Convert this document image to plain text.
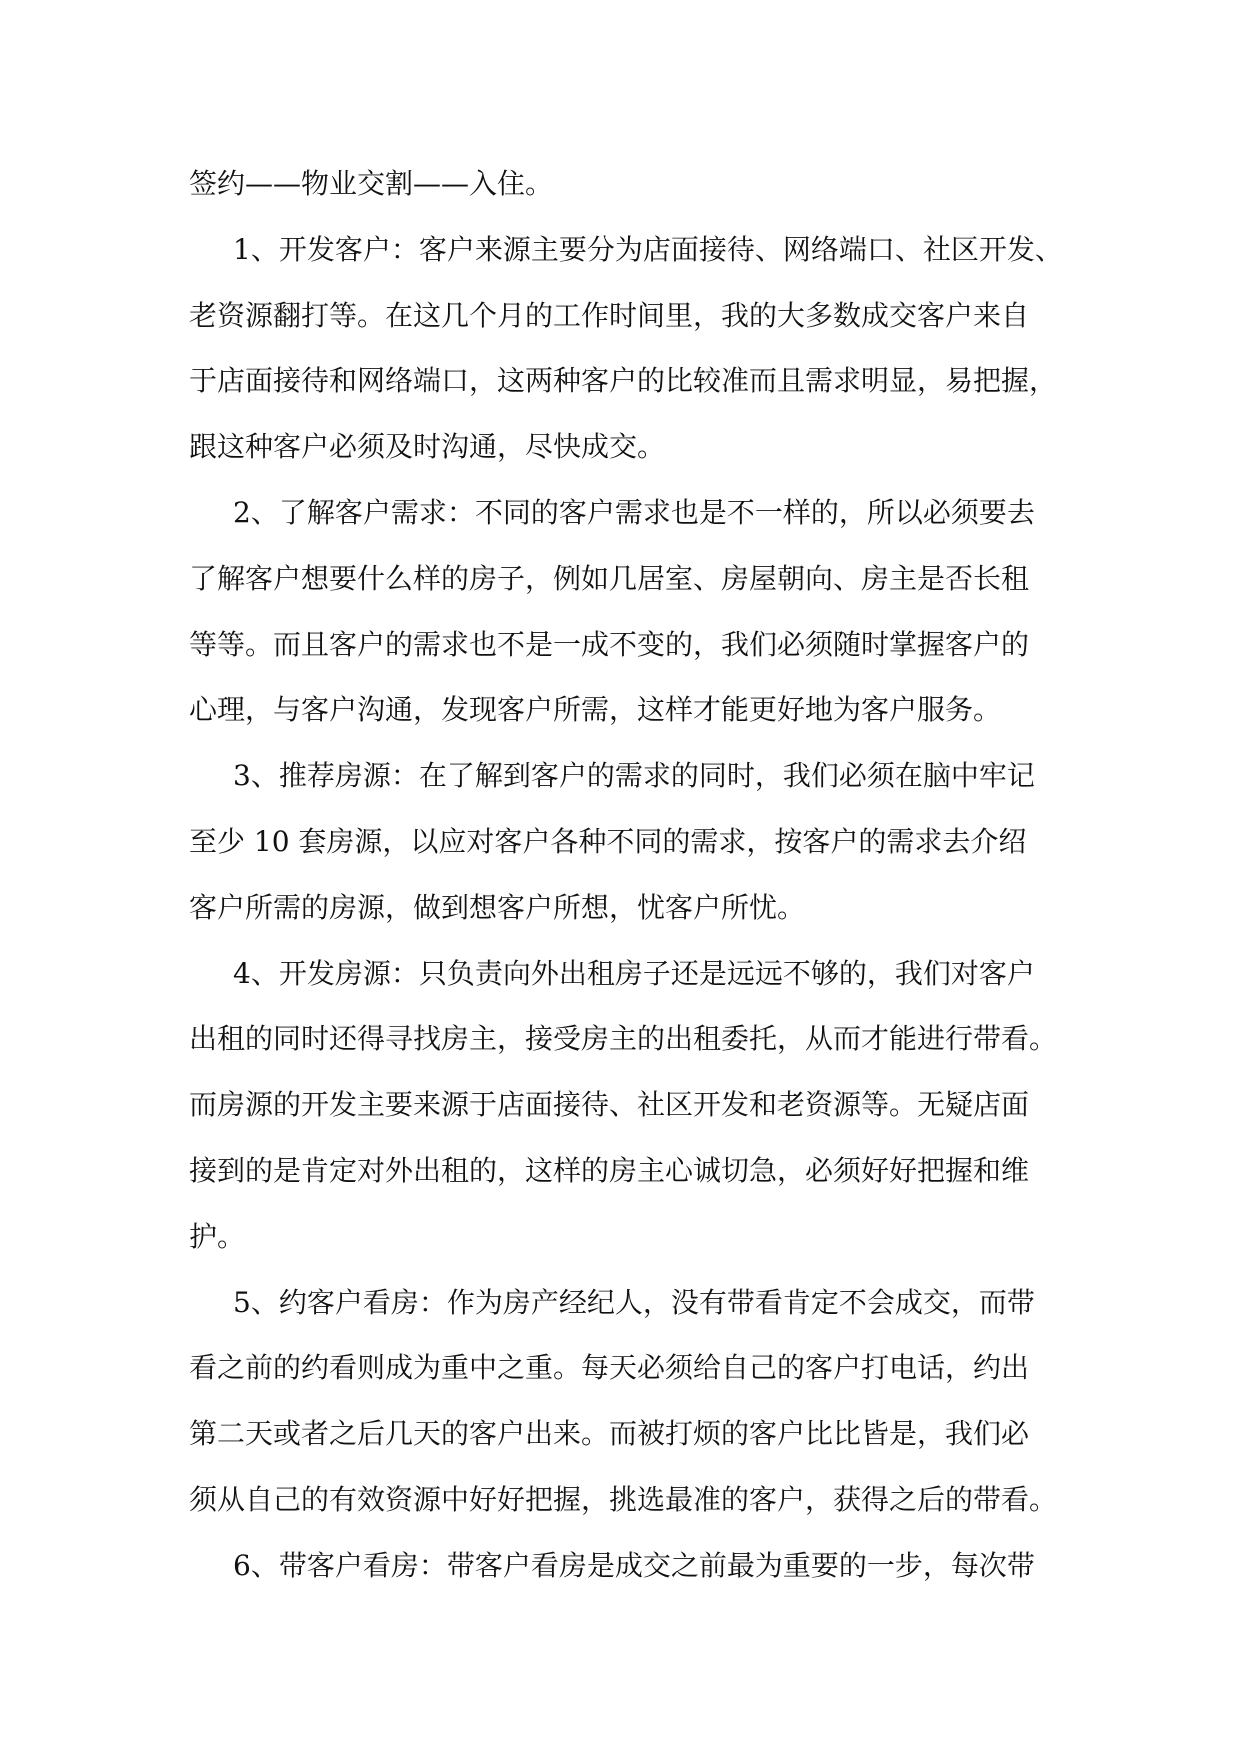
签约——物业交割——入住。
1、开发客户：客户来源主要分为店面接待、网络端口、社区开发、
老资源翻打等。在这几个月的工作时间里，我的大多数成交客户来自
于店面接待和网络端口，这两种客户的比较准而且需求明显，易把握，
跟这种客户必须及时沟通，尽快成交。
2、了解客户需求：不同的客户需求也是不一样的，所以必须要去
了解客户想要什么样的房子，例如几居室、房屋朝向、房主是否长租
等等。而且客户的需求也不是一成不变的，我们必须随时掌握客户的
心理，与客户沟通，发现客户所需，这样才能更好地为客户服务。
3、推荐房源：在了解到客户的需求的同时，我们必须在脑中牢记
至少 10 套房源，以应对客户各种不同的需求，按客户的需求去介绍
客户所需的房源，做到想客户所想，忧客户所忧。
4、开发房源：只负责向外出租房子还是远远不够的，我们对客户
出租的同时还得寻找房主，接受房主的出租委托，从而才能进行带看。
而房源的开发主要来源于店面接待、社区开发和老资源等。无疑店面
接到的是肯定对外出租的，这样的房主心诚切急，必须好好把握和维
护。
5、约客户看房：作为房产经纪人，没有带看肯定不会成交，而带
看之前的约看则成为重中之重。每天必须给自己的客户打电话，约出
第二天或者之后几天的客户出来。而被打烦的客户比比皆是，我们必
须从自己的有效资源中好好把握，挑选最准的客户，获得之后的带看。
6、带客户看房：带客户看房是成交之前最为重要的一步，每次带
